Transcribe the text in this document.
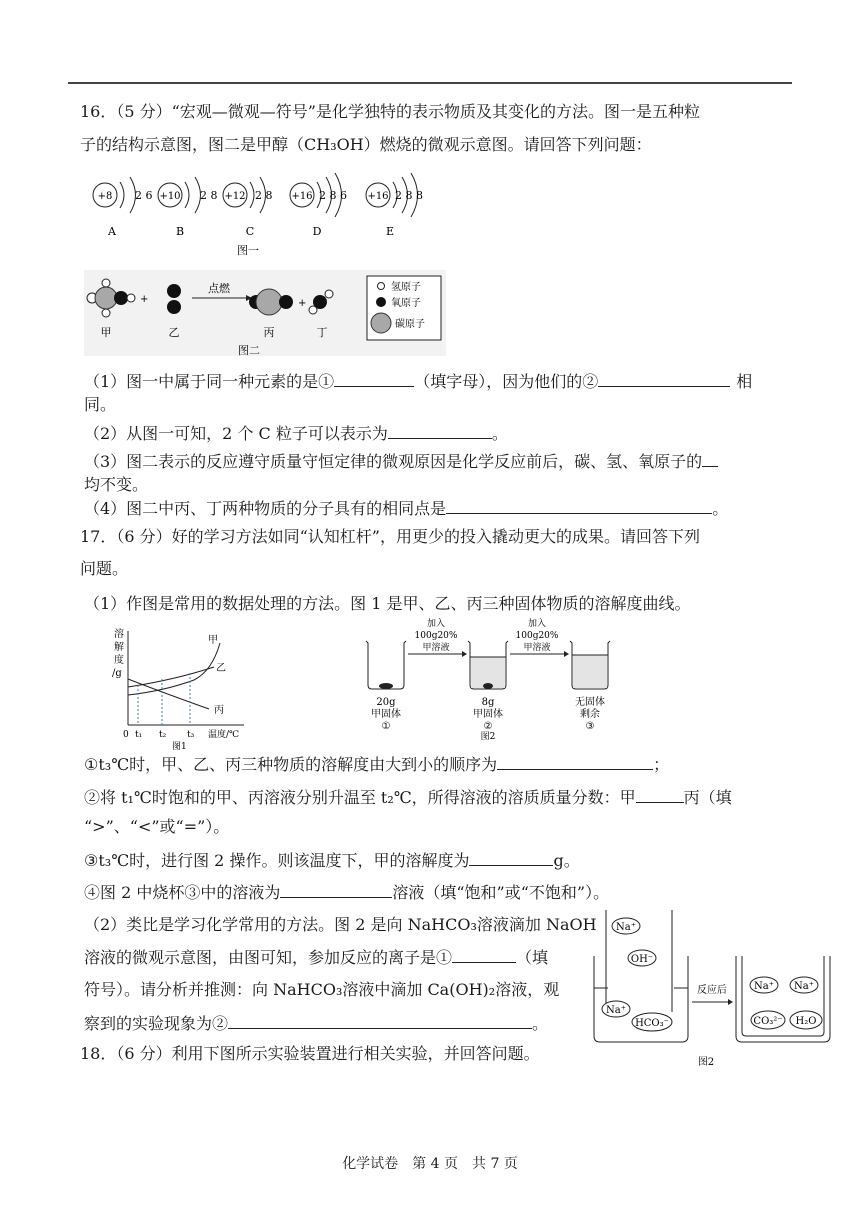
16．（5 分）“宏观—微观—符号”是化学独特的表示物质及其变化的方法。图一是五种粒
子的结构示意图，图二是甲醇（CH₃OH）燃烧的微观示意图。请回答下列问题：
+8 2 6
A
+10 2 8
B
+12 2 8
C
+16 2 8 6
D
+16 2 8 8
E
图一
+
点燃
+
甲	乙	丙	丁
氢原子
氧原子
碳原子
图二
（1）图一中属于同一种元素的是①	（填字母），因为他们的②	相
同。
（2）从图一可知，2 个 C 粒子可以表示为	。
（3）图二表示的反应遵守质量守恒定律的微观原因是化学反应前后，碳、氢、氧原子的
均不变。
（4）图二中丙、丁两种物质的分子具有的相同点是	。
17．（6 分）好的学习方法如同“认知杠杆”，用更少的投入撬动更大的成果。请回答下列
问题。
（1）作图是常用的数据处理的方法。图 1 是甲、乙、丙三种固体物质的溶解度曲线。
溶
解
度
/g
甲
乙
丙
0 t₁ t₂ t₃ 温度/℃
图1
20g
甲固体
①
加入
100g20%
甲溶液
8g
甲固体
②
加入
100g20%
甲溶液
无固体
剩余
③
图2
①t₃℃时，甲、乙、丙三种物质的溶解度由大到小的顺序为	；
②将 t₁℃时饱和的甲、丙溶液分别升温至 t₂℃，所得溶液的溶质质量分数：甲	丙（填
“>”、“<”或“=”）。
③t₃℃时，进行图 2 操作。则该温度下，甲的溶解度为	g。
④图 2 中烧杯③中的溶液为	溶液（填“饱和”或“不饱和”）。
（2）类比是学习化学常用的方法。图 2 是向 NaHCO₃溶液滴加 NaOH
溶液的微观示意图，由图可知，参加反应的离子是①	（填
符号）。请分析并推测：向 NaHCO₃溶液中滴加 Ca(OH)₂溶液，观
察到的实验现象为②	。
Na⁺
OH⁻
Na⁺
HCO₃⁻
反应后	Na⁺ Na⁺
CO₃²⁻ H₂O
图2
18．（6 分）利用下图所示实验装置进行相关实验，并回答问题。
化学试卷　第 4 页　共 7 页
